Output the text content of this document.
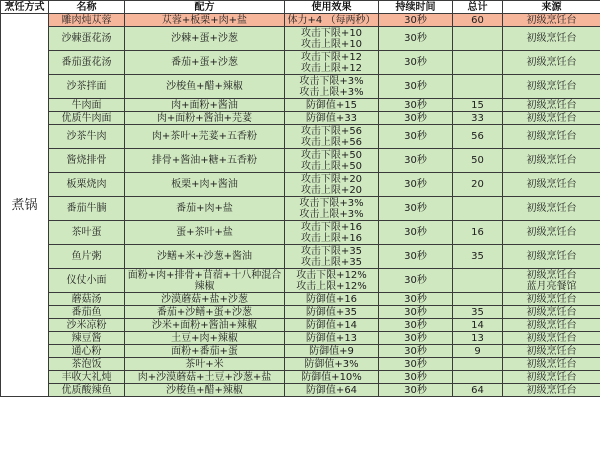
烹饪方式	名称	配方	使用效果	持续时间	总计	来源
煮锅	雕肉炖苁蓉	苁蓉+板栗+肉+盐	体力+4 （每两秒）	30秒	60	初级烹饪台

	沙棘蛋花汤	沙棘+蛋+沙葱	攻击下限+10
攻击上限+10	30秒		初级烹饪台

	番茄蛋花汤	番茄+蛋+沙葱	攻击下限+12
攻击上限+12	30秒		初级烹饪台

	沙茶拌面	沙梭鱼+醋+辣椒	攻击下限+3%
攻击上限+3%	30秒		初级烹饪台

	牛肉面	肉+面粉+酱油	防御值+15	30秒	15	初级烹饪台

	优质牛肉面	肉+面粉+酱油+芫荽	防御值+33	30秒	33	初级烹饪台

	沙茶牛肉	肉+茶叶+芫荽+五香粉	攻击下限+56
攻击上限+56	30秒	56	初级烹饪台

	酱烧排骨	排骨+酱油+糖+五香粉	攻击下限+50
攻击上限+50	30秒	50	初级烹饪台

	板栗烧肉	板栗+肉+酱油	攻击下限+20
攻击上限+20	30秒	20	初级烹饪台

	番茄牛腩	番茄+肉+盐	攻击下限+3%
攻击上限+3%	30秒		初级烹饪台

	茶叶蛋	蛋+茶叶+盐	攻击下限+16
攻击上限+16	30秒	16	初级烹饪台

	鱼片粥	沙鳝+米+沙葱+酱油	攻击下限+35
攻击上限+35	30秒	35	初级烹饪台

	仪仗小面	面粉+肉+排骨+苜蓿+十八种混合辣椒	攻击下限+12%
攻击上限+12%	30秒		初级烹饪台
蓝月亮餐馆

	蘑菇汤	沙漠蘑菇+盐+沙葱	防御值+16	30秒		初级烹饪台

	番茄鱼	番茄+沙鳝+蛋+沙葱	防御值+35	30秒	35	初级烹饪台

	沙米凉粉	沙米+面粉+酱油+辣椒	防御值+14	30秒	14	初级烹饪台

	辣豆酱	土豆+肉+辣椒	防御值+13	30秒	13	初级烹饪台

	通心粉	面粉+番茄+蛋	防御值+9	30秒	9	初级烹饪台

	茶泡饭	茶叶+米	防御值+3%	30秒		初级烹饪台

	丰收大礼炖	肉+沙漠蘑菇+土豆+沙葱+盐	防御值+10%	30秒		初级烹饪台

	优质酸辣鱼	沙梭鱼+醋+辣椒	防御值+64	30秒	64	初级烹饪台
